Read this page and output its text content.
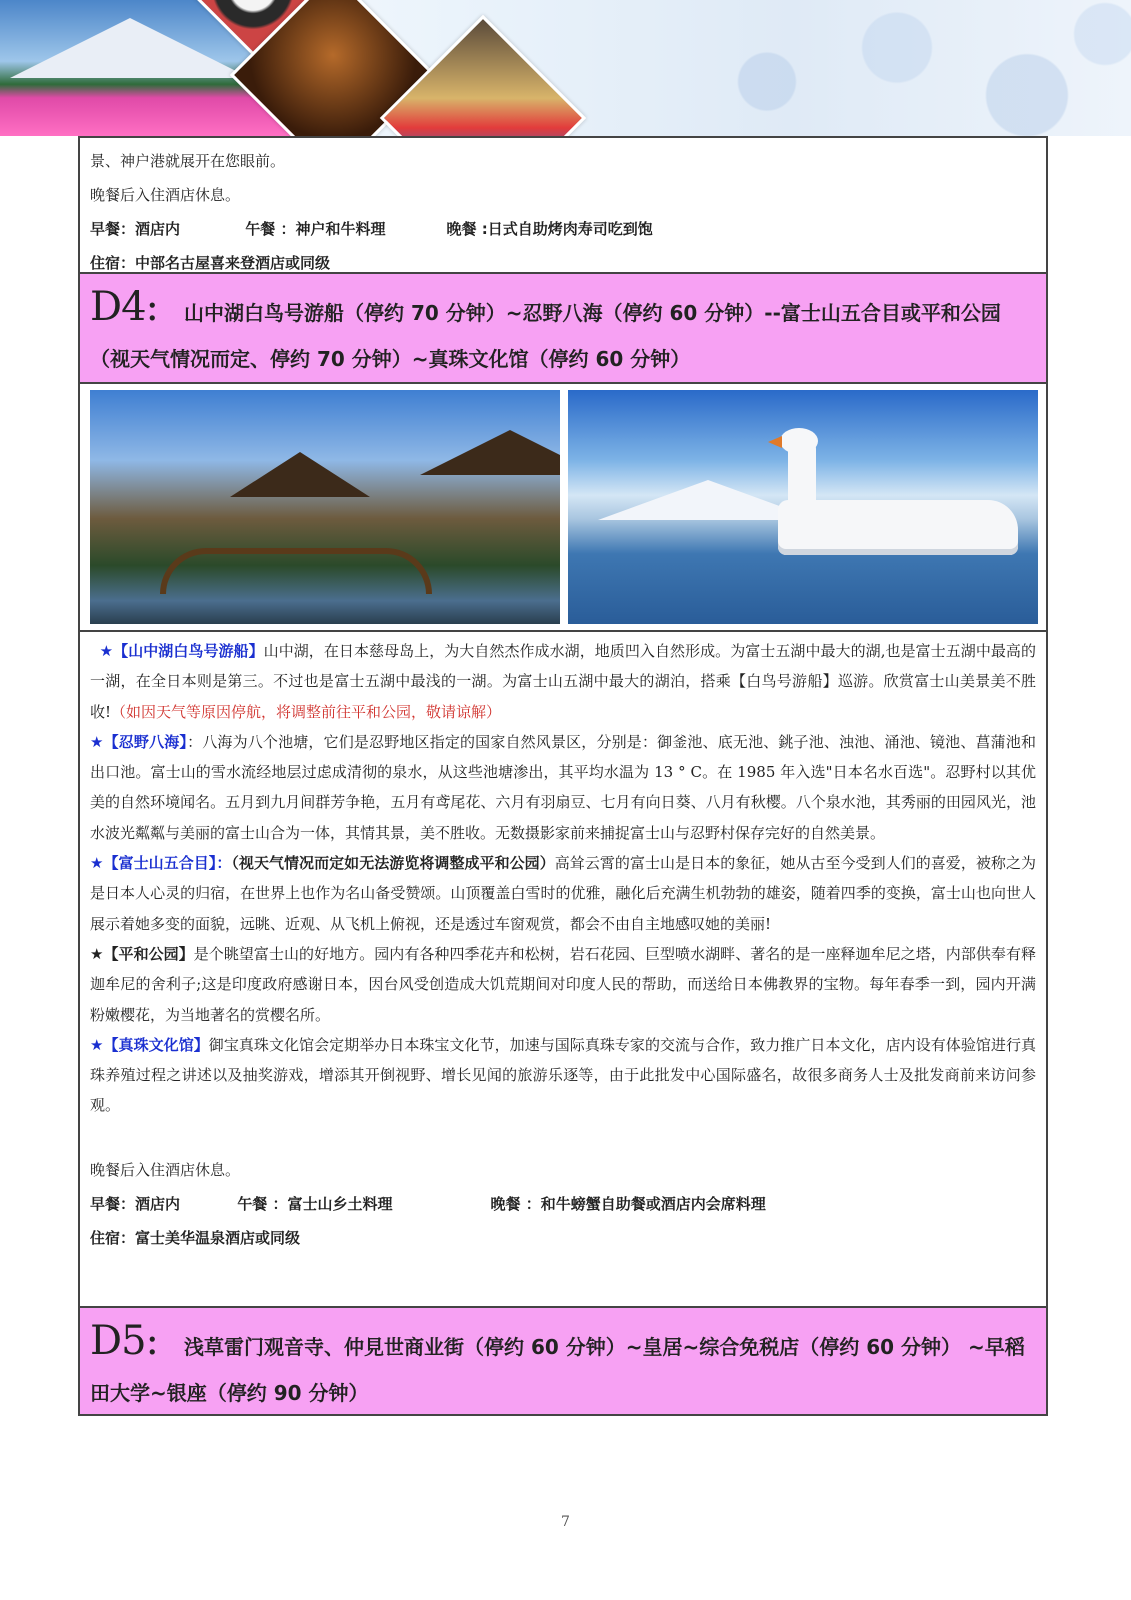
景、神户港就展开在您眼前。

晚餐后入住酒店休息。

早餐：酒店内	午餐 ：神户和牛料理	晚餐 :日式自助烤肉寿司吃到饱

住宿：中部名古屋喜来登酒店或同级

D4: 山中湖白鸟号游船（停约 70 分钟）~忍野八海（停约 60 分钟）--富士山五合目或平和公园（视天气情况而定、停约 70 分钟）~真珠文化馆（停约 60 分钟）

★【山中湖白鸟号游船】山中湖，在日本慈母岛上，为大自然杰作成水湖，地质凹入自然形成。为富士五湖中最大的湖,也是富士五湖中最高的一湖，在全日本则是第三。不过也是富士五湖中最浅的一湖。为富士山五湖中最大的湖泊，搭乘【白鸟号游船】巡游。欣赏富士山美景美不胜收!（如因天气等原因停航，将调整前往平和公园，敬请谅解）

★【忍野八海】：八海为八个池塘，它们是忍野地区指定的国家自然风景区，分别是：御釜池、底无池、銚子池、浊池、涌池、镜池、菖蒲池和出口池。富士山的雪水流经地层过虑成清彻的泉水，从这些池塘渗出，其平均水温为 13 ° C。在 1985 年入选"日本名水百选"。忍野村以其优美的自然环境闻名。五月到九月间群芳争艳，五月有鸢尾花、六月有羽扇豆、七月有向日葵、八月有秋樱。八个泉水池，其秀丽的田园风光，池水波光粼粼与美丽的富士山合为一体，其情其景，美不胜收。无数摄影家前来捕捉富士山与忍野村保存完好的自然美景。

★【富士山五合目】：（视天气情况而定如无法游览将调整成平和公园）高耸云霄的富士山是日本的象征，她从古至今受到人们的喜爱，被称之为是日本人心灵的归宿，在世界上也作为名山备受赞颂。山顶覆盖白雪时的优雅，融化后充满生机勃勃的雄姿，随着四季的变换，富士山也向世人展示着她多变的面貌，远眺、近观、从飞机上俯视，还是透过车窗观赏，都会不由自主地感叹她的美丽!

★【平和公园】是个眺望富士山的好地方。园内有各种四季花卉和松树，岩石花园、巨型喷水湖畔、著名的是一座释迦牟尼之塔，内部供奉有释迦牟尼的舍利子;这是印度政府感谢日本，因台风受创造成大饥荒期间对印度人民的帮助，而送给日本佛教界的宝物。每年春季一到，园内开满粉嫩樱花，为当地著名的赏樱名所。

★【真珠文化馆】御宝真珠文化馆会定期举办日本珠宝文化节，加速与国际真珠专家的交流与合作，致力推广日本文化，店内设有体验馆进行真珠养殖过程之讲述以及抽奖游戏，增添其开倒视野、增长见闻的旅游乐逐等，由于此批发中心国际盛名，故很多商务人士及批发商前来访问参观。

晚餐后入住酒店休息。

早餐：酒店内	午餐 ：富士山乡土料理	晚餐 ：和牛螃蟹自助餐或酒店内会席料理

住宿：富士美华温泉酒店或同级

D5: 浅草雷门观音寺、仲見世商业街（停约 60 分钟）~皇居~综合免税店（停约 60 分钟） ~早稻田大学~银座（停约 90 分钟）
7
